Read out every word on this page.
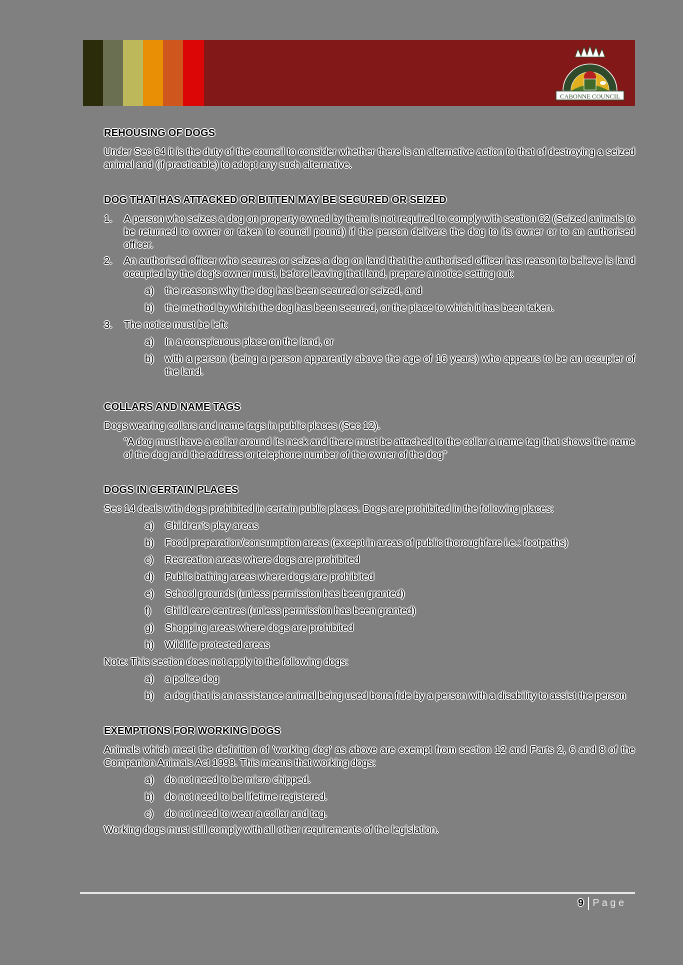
CABONNE COUNCIL
REHOUSING OF DOGS

Under Sec 64 it is the duty of the council to consider whether there is an alternative action to that of destroying a seized animal and (if practicable) to adopt any such alternative.

DOG THAT HAS ATTACKED OR BITTEN MAY BE SECURED OR SEIZED
1. A person who seizes a dog on property owned by them is not required to comply with section 62 (Seized animals to be returned to owner or taken to council pound) if the person delivers the dog to its owner or to an authorised officer.
2. An authorised officer who secures or seizes a dog on land that the authorised officer has reason to believe is land occupied by the dog's owner must, before leaving that land, prepare a notice setting out:
a) the reasons why the dog has been secured or seized, and
b) the method by which the dog has been secured, or the place to which it has been taken.
3. The notice must be left:
a) In a conspicuous place on the land, or
b) with a person (being a person apparently above the age of 16 years) who appears to be an occupier of the land.
COLLARS AND NAME TAGS

Dogs wearing collars and name tags in public places (Sec 12).

"A dog must have a collar around its neck and there must be attached to the collar a name tag that shows the name of the dog and the address or telephone number of the owner of the dog"

DOGS IN CERTAIN PLACES

Sec 14 deals with dogs prohibited in certain public places. Dogs are prohibited in the following places:

a) Children's play areas
b) Food preparation/consumption areas (except in areas of public thoroughfare i.e.: footpaths)
c) Recreation areas where dogs are prohibited
d) Public bathing areas where dogs are prohibited
e) School grounds (unless permission has been granted)
f) Child care centres (unless permission has been granted)
g) Shopping areas where dogs are prohibited
h) Wildlife protected areas

Note: This section does not apply to the following dogs:

a) a police dog
b) a dog that is an assistance animal being used bona fide by a person with a disability to assist the person
EXEMPTIONS FOR WORKING DOGS

Animals which meet the definition of 'working dog' as above are exempt from section 12 and Parts 2, 6 and 8 of the Companion Animals Act 1998. This means that working dogs:

a) do not need to be micro chipped.
b) do not need to be lifetime registered.
c) do not need to wear a collar and tag.

Working dogs must still comply with all other requirements of the legislation.

9 P a g e
